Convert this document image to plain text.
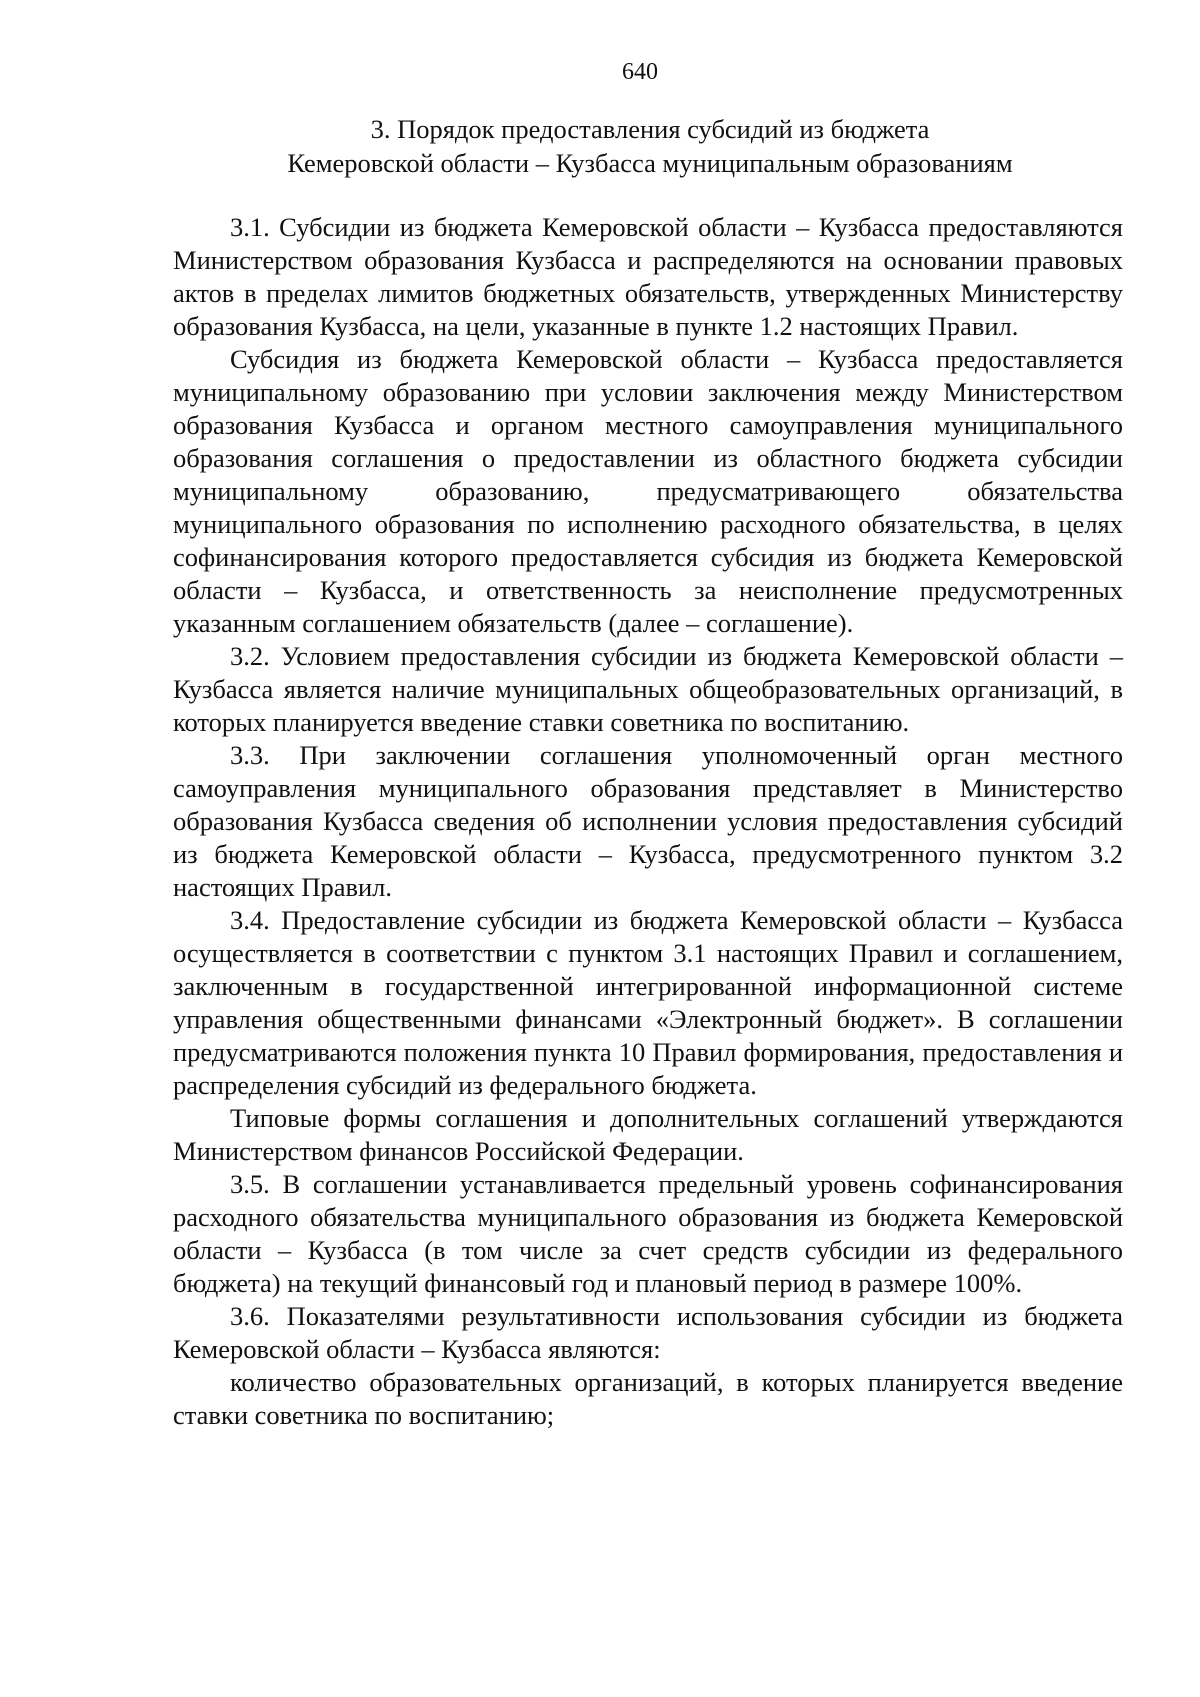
640
3. Порядок предоставления субсидий из бюджета
Кемеровской области – Кузбасса муниципальным образованиям

3.1. Субсидии из бюджета Кемеровской области – Кузбасса предоставляются Министерством образования Кузбасса и распределяются на основании правовых актов в пределах лимитов бюджетных обязательств, утвержденных Министерству образования Кузбасса, на цели, указанные в пункте 1.2 настоящих Правил.

Субсидия из бюджета Кемеровской области – Кузбасса предоставляется муниципальному образованию при условии заключения между Министерством образования Кузбасса и органом местного самоуправления муниципального образования соглашения о предоставлении из областного бюджета субсидии муниципальному образованию, предусматривающего обязательства муниципального образования по исполнению расходного обязательства, в целях софинансирования которого предоставляется субсидия из бюджета Кемеровской области – Кузбасса, и ответственность за неисполнение предусмотренных указанным соглашением обязательств (далее – соглашение).

3.2. Условием предоставления субсидии из бюджета Кемеровской области – Кузбасса является наличие муниципальных общеобразовательных организаций, в которых планируется введение ставки советника по воспитанию.

3.3. При заключении соглашения уполномоченный орган местного самоуправления муниципального образования представляет в Министерство образования Кузбасса сведения об исполнении условия предоставления субсидий из бюджета Кемеровской области – Кузбасса, предусмотренного пунктом 3.2 настоящих Правил.

3.4. Предоставление субсидии из бюджета Кемеровской области – Кузбасса осуществляется в соответствии с пунктом 3.1 настоящих Правил и соглашением, заключенным в государственной интегрированной информационной системе управления общественными финансами «Электронный бюджет». В соглашении предусматриваются положения пункта 10 Правил формирования, предоставления и распределения субсидий из федерального бюджета.

Типовые формы соглашения и дополнительных соглашений утверждаются Министерством финансов Российской Федерации.

3.5. В соглашении устанавливается предельный уровень софинансирования расходного обязательства муниципального образования из бюджета Кемеровской области – Кузбасса (в том числе за счет средств субсидии из федерального бюджета) на текущий финансовый год и плановый период в размере 100%.

3.6. Показателями результативности использования субсидии из бюджета Кемеровской области – Кузбасса являются:

количество образовательных организаций, в которых планируется введение ставки советника по воспитанию;
